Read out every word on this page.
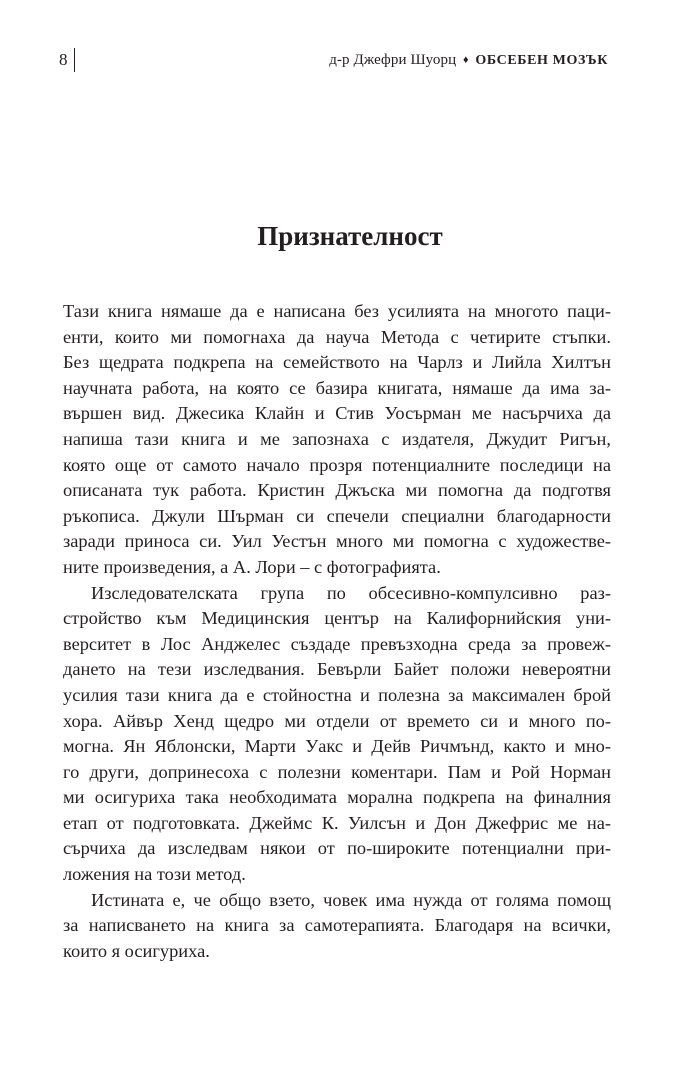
8	д-р Джефри Шуорц ♦ ОБСЕБЕН МОЗЪК
Признателност
Тази книга нямаше да е написана без усилията на многото паци-
енти, които ми помогнаха да науча Метода с четирите стъпки.
Без щедрата подкрепа на семейството на Чарлз и Лийла Хилтън
научната работа, на която се базира книгата, нямаше да има за-
вършен вид. Джесика Клайн и Стив Уосърман ме насърчиха да
напиша тази книга и ме запознаха с издателя, Джудит Ригън,
която още от самото начало прозря потенциалните последици на
описаната тук работа. Кристин Джъска ми помогна да подготвя
ръкописа. Джули Шърман си спечели специални благодарности
заради приноса си. Уил Уестън много ми помогна с художестве-
ните произведения, а А. Лори – с фотографията.
Изследователската група по обсесивно-компулсивно раз-
стройство към Медицинския център на Калифорнийския уни-
верситет в Лос Анджелес създаде превъзходна среда за провеж-
дането на тези изследвания. Бевърли Байет положи невероятни
усилия тази книга да е стойностна и полезна за максимален брой
хора. Айвър Хенд щедро ми отдели от времето си и много по-
могна. Ян Яблонски, Марти Уакс и Дейв Ричмънд, както и мно-
го други, допринесоха с полезни коментари. Пам и Рой Норман
ми осигуриха така необходимата морална подкрепа на финалния
етап от подготовката. Джеймс К. Уилсън и Дон Джефрис ме на-
сърчиха да изследвам някои от по-широките потенциални при-
ложения на този метод.
Истината е, че общо взето, човек има нужда от голяма помощ
за написването на книга за самотерапията. Благодаря на всички,
които я осигуриха.
